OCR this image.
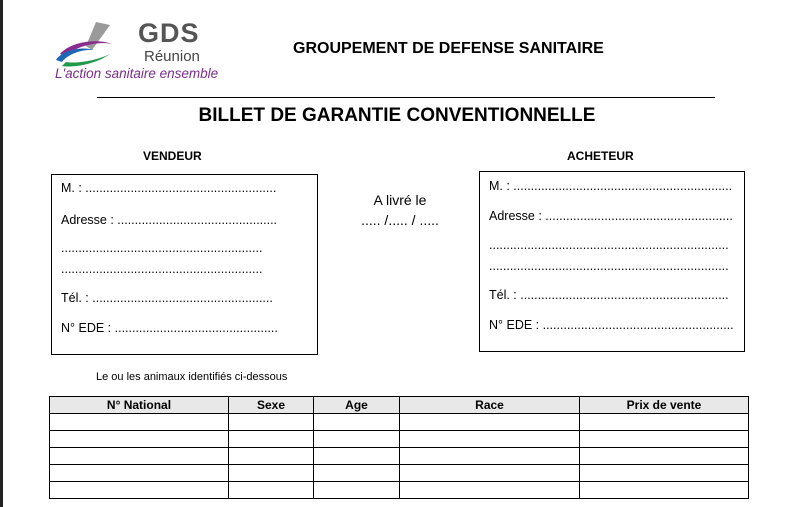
GDS
Réunion
L'action sanitaire ensemble
GROUPEMENT DE DEFENSE SANITAIRE
BILLET DE GARANTIE CONVENTIONNELLE
VENDEUR
M. : .......................................................
Adresse : ..............................................
..........................................................
..........................................................
Tél. : ....................................................
N° EDE : ...............................................
A livré le
..... /..... / .....
ACHETEUR
M. : ...............................................................
Adresse : ......................................................
.....................................................................
.....................................................................
Tél. : ............................................................
N° EDE : .......................................................
Le ou les animaux identifiés ci-dessous
N° National	Sexe	Age	Race	Prix de vente
